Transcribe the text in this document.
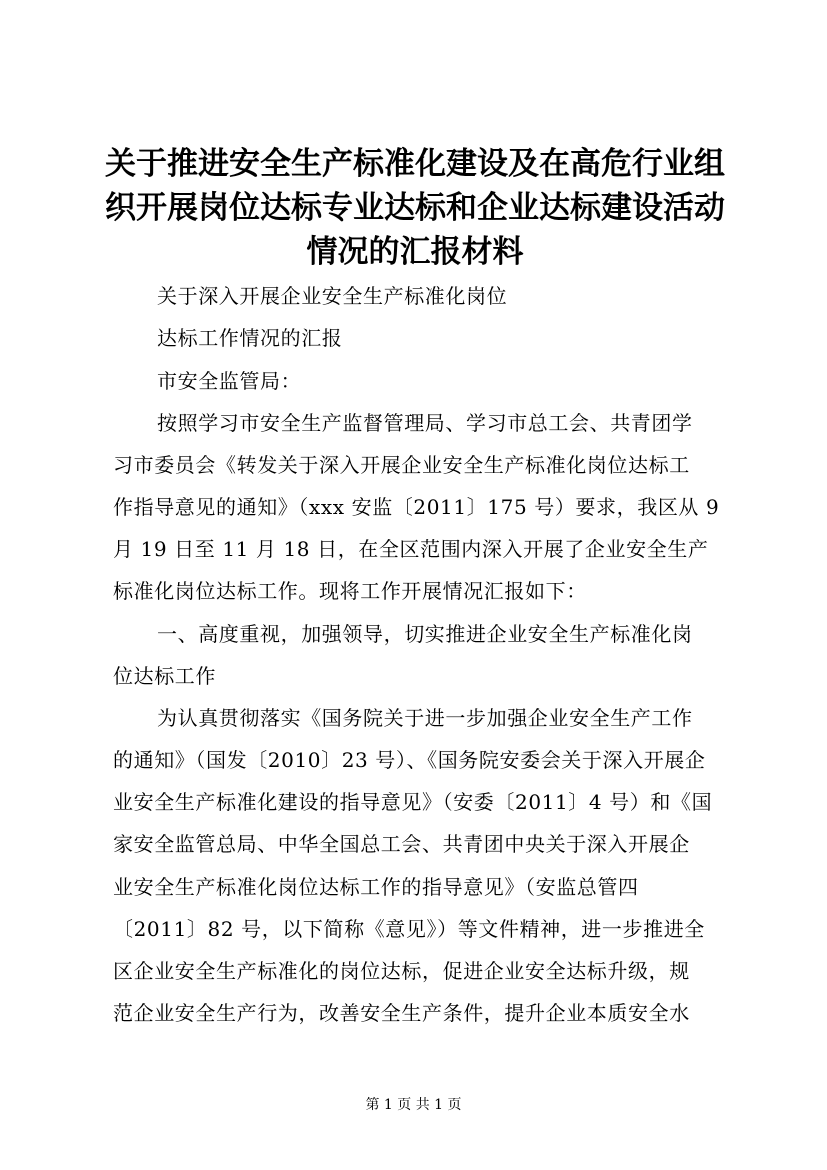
关于推进安全生产标准化建设及在高危行业组
织开展岗位达标专业达标和企业达标建设活动
情况的汇报材料
关于深入开展企业安全生产标准化岗位
达标工作情况的汇报
市安全监管局：
按照学习市安全生产监督管理局、学习市总工会、共青团学
习市委员会《转发关于深入开展企业安全生产标准化岗位达标工
作指导意见的通知》（xxx 安监〔2011〕175 号）要求，我区从 9
月 19 日至 11 月 18 日，在全区范围内深入开展了企业安全生产
标准化岗位达标工作。现将工作开展情况汇报如下：
一、高度重视，加强领导，切实推进企业安全生产标准化岗
位达标工作
为认真贯彻落实《国务院关于进一步加强企业安全生产工作
的通知》（国发〔2010〕23 号）、《国务院安委会关于深入开展企
业安全生产标准化建设的指导意见》（安委〔2011〕4 号）和《国
家安全监管总局、中华全国总工会、共青团中央关于深入开展企
业安全生产标准化岗位达标工作的指导意见》（安监总管四
〔2011〕82 号，以下简称《意见》）等文件精神，进一步推进全
区企业安全生产标准化的岗位达标，促进企业安全达标升级，规
范企业安全生产行为，改善安全生产条件，提升企业本质安全水
第 1 页 共 1 页
